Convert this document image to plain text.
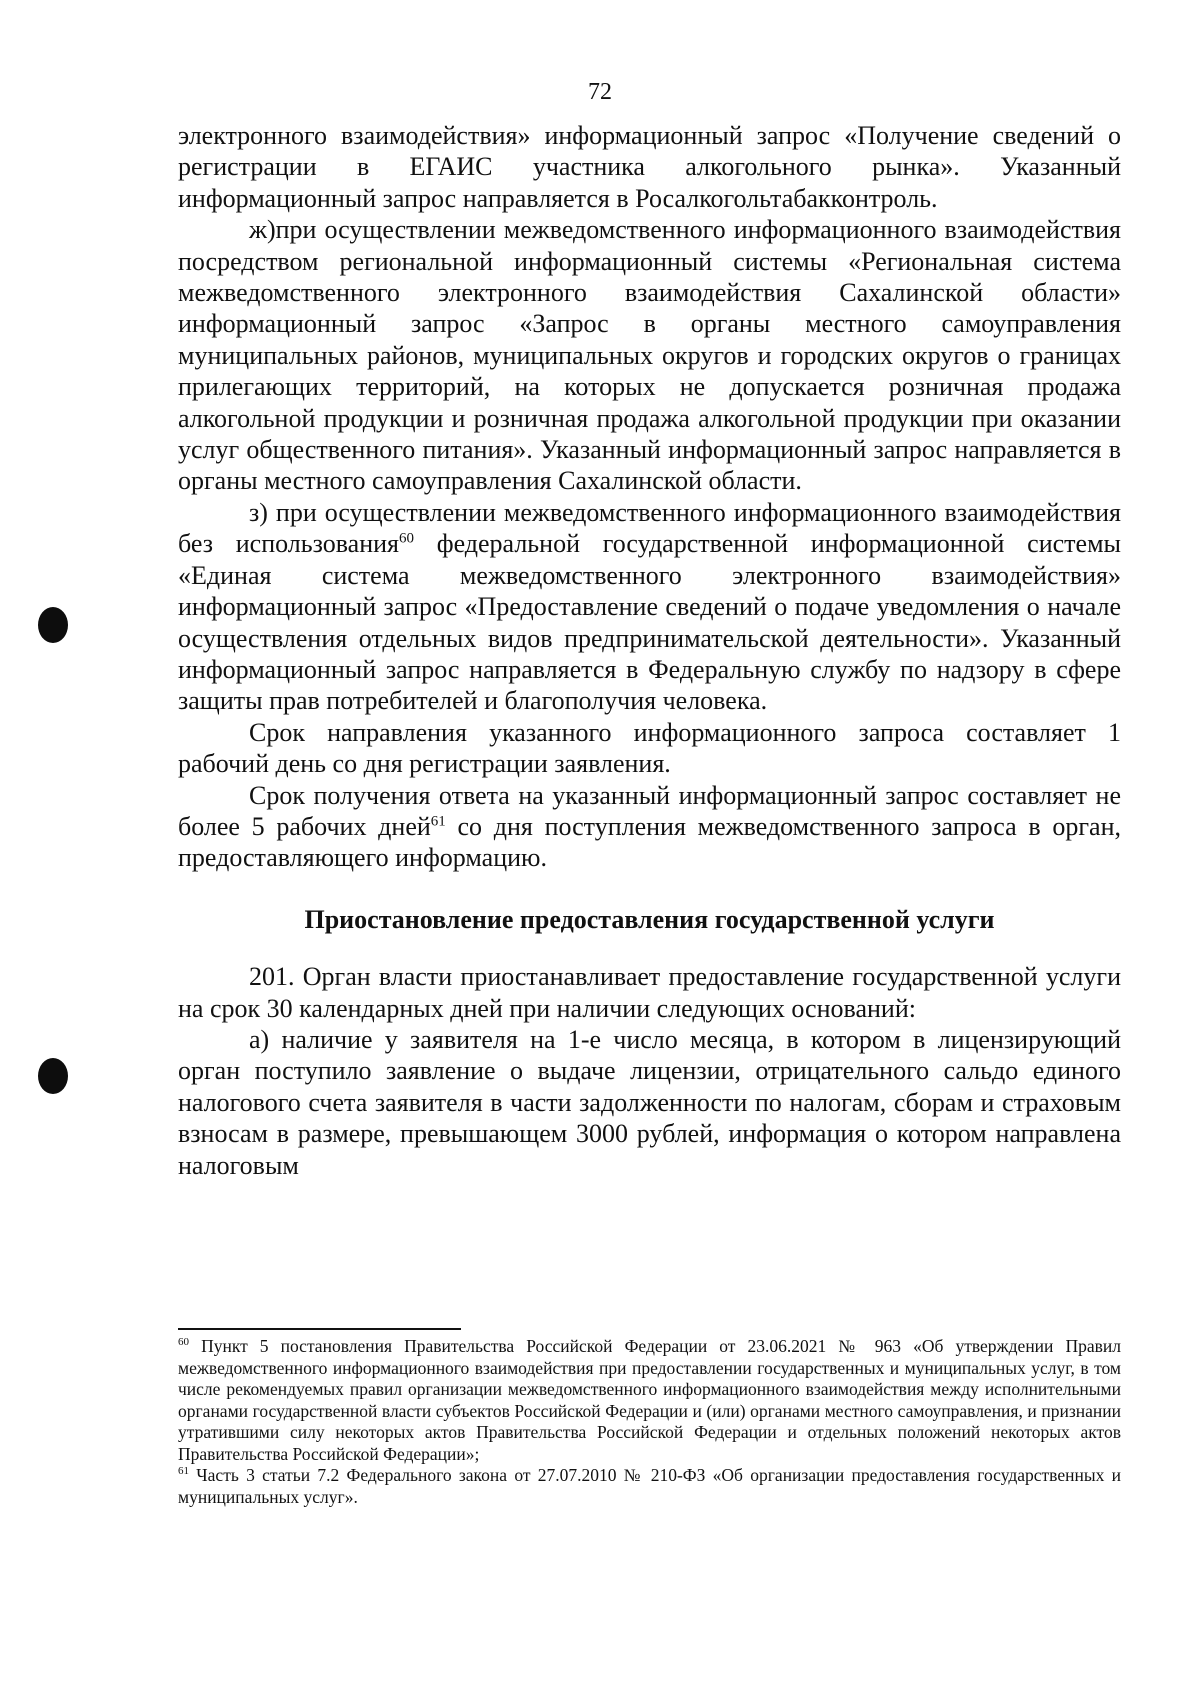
72

электронного взаимодействия» информационный запрос «Получение сведений о регистрации в ЕГАИС участника алкогольного рынка». Указанный информационный запрос направляется в Росалкогольтабакконтроль.

ж)при осуществлении межведомственного информационного взаимодействия посредством региональной информационный системы «Региональная система межведомственного электронного взаимодействия Сахалинской области» информационный запрос «Запрос в органы местного самоуправления муниципальных районов, муниципальных округов и городских округов о границах прилегающих территорий, на которых не допускается розничная продажа алкогольной продукции и розничная продажа алкогольной продукции при оказании услуг общественного питания». Указанный информационный запрос направляется в органы местного самоуправления Сахалинской области.

з) при осуществлении межведомственного информационного взаимодействия без использования$^{60}$ федеральной государственной информационной системы «Единая система межведомственного электронного взаимодействия» информационный запрос «Предоставление сведений о подаче уведомления о начале осуществления отдельных видов предпринимательской деятельности». Указанный информационный запрос направляется в Федеральную службу по надзору в сфере защиты прав потребителей и благополучия человека.

Срок направления указанного информационного запроса составляет 1 рабочий день со дня регистрации заявления.

Срок получения ответа на указанный информационный запрос составляет не более 5 рабочих дней$^{61}$ со дня поступления межведомственного запроса в орган, предоставляющего информацию.

Приостановление предоставления государственной услуги

201. Орган власти приостанавливает предоставление государственной услуги на срок 30 календарных дней при наличии следующих оснований:

а) наличие у заявителя на 1-е число месяца, в котором в лицензирующий орган поступило заявление о выдаче лицензии, отрицательного сальдо единого налогового счета заявителя в части задолженности по налогам, сборам и страховым взносам в размере, превышающем 3000 рублей, информация о котором направлена налоговым

$^{60}$ Пункт 5 постановления Правительства Российской Федерации от 23.06.2021 № 963 «Об утверждении Правил межведомственного информационного взаимодействия при предоставлении государственных и муниципальных услуг, в том числе рекомендуемых правил организации межведомственного информационного взаимодействия между исполнительными органами государственной власти субъектов Российской Федерации и (или) органами местного самоуправления, и признании утратившими силу некоторых актов Правительства Российской Федерации и отдельных положений некоторых актов Правительства Российской Федерации»;

$^{61}$ Часть 3 статьи 7.2 Федерального закона от 27.07.2010 № 210-ФЗ «Об организации предоставления государственных и муниципальных услуг».
